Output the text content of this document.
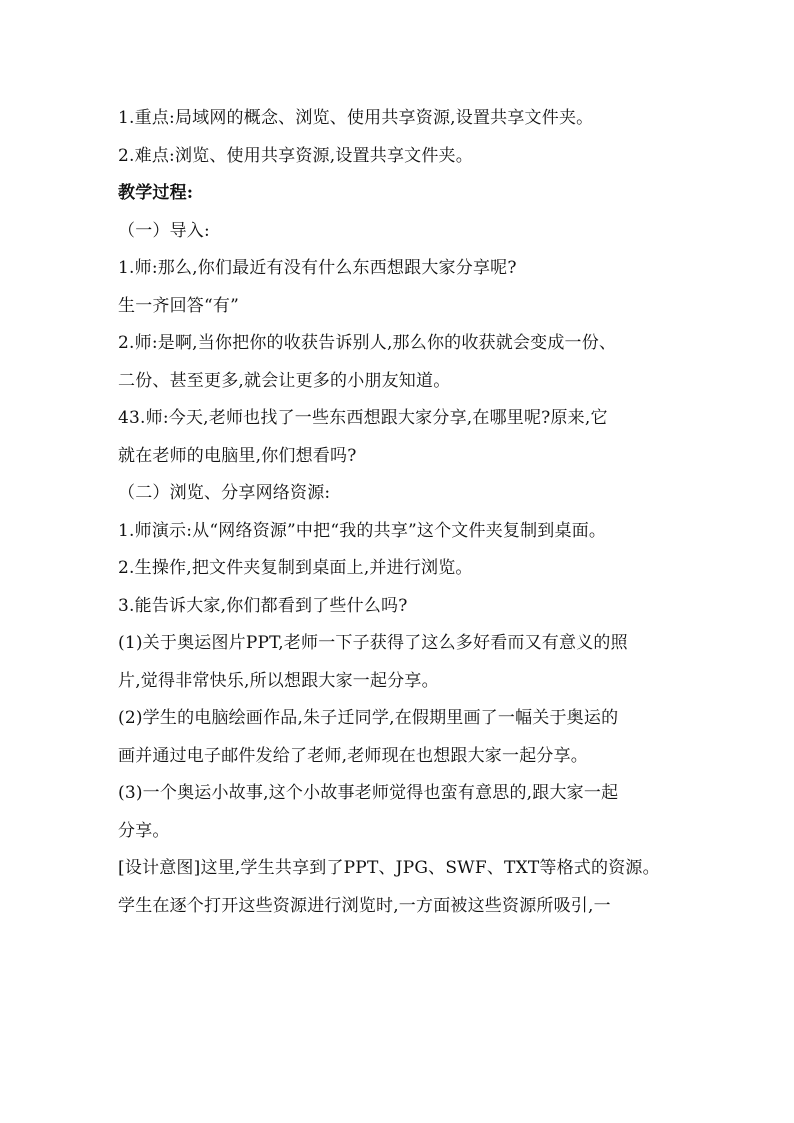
1.重点:局域网的概念、浏览、使用共享资源,设置共享文件夹。
2.难点:浏览、使用共享资源,设置共享文件夹。
教学过程:
（一）导入:
1.师:那么,你们最近有没有什么东西想跟大家分享呢?
生一齐回答“有”
2.师:是啊,当你把你的收获告诉别人,那么你的收获就会变成一份、
二份、甚至更多,就会让更多的小朋友知道。
43.师:今天,老师也找了一些东西想跟大家分享,在哪里呢?原来,它
就在老师的电脑里,你们想看吗?
（二）浏览、分享网络资源:
1.师演示:从“网络资源”中把“我的共享”这个文件夹复制到桌面。
2.生操作,把文件夹复制到桌面上,并进行浏览。
3.能告诉大家,你们都看到了些什么吗?
(1)关于奥运图片PPT,老师一下子获得了这么多好看而又有意义的照
片,觉得非常快乐,所以想跟大家一起分享。
(2)学生的电脑绘画作品,朱子迁同学,在假期里画了一幅关于奥运的
画并通过电子邮件发给了老师,老师现在也想跟大家一起分享。
(3)一个奥运小故事,这个小故事老师觉得也蛮有意思的,跟大家一起
分享。
[设计意图]这里,学生共享到了PPT、JPG、SWF、TXT等格式的资源。
学生在逐个打开这些资源进行浏览时,一方面被这些资源所吸引,一
